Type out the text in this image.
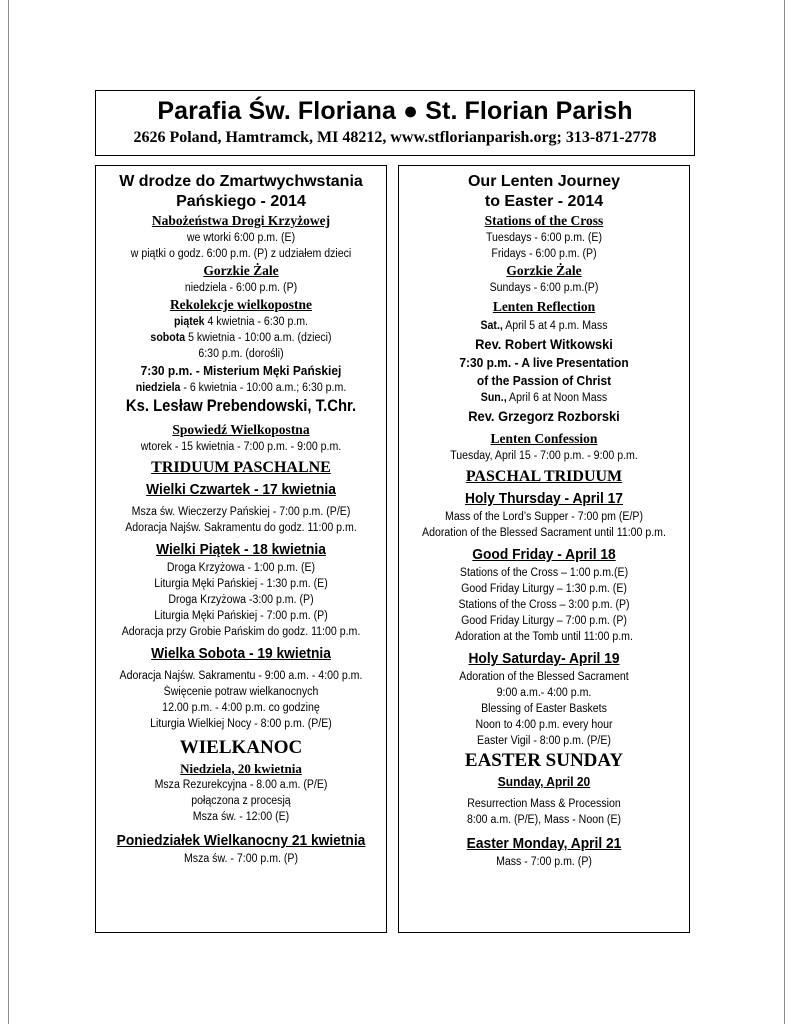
Parafia Św. Floriana ● St. Florian Parish
2626 Poland, Hamtramck, MI 48212, www.stflorianparish.org; 313-871-2778
W drodze do Zmartwychwstania
Pańskiego - 2014
Nabożeństwa Drogi Krzyżowej
we wtorki 6:00 p.m. (E)
w piątki o godz. 6:00 p.m. (P) z udziałem dzieci
Gorzkie Żale
niedziela - 6:00 p.m. (P)
Rekolekcje wielkopostne
piątek 4 kwietnia - 6:30 p.m.
sobota 5 kwietnia - 10:00 a.m. (dzieci)
6:30 p.m. (dorośli)
7:30 p.m. - Misterium Męki Pańskiej
niedziela - 6 kwietnia - 10:00 a.m.; 6:30 p.m.
Ks. Lesław Prebendowski, T.Chr.
Spowiedź Wielkopostna
wtorek - 15 kwietnia - 7:00 p.m. - 9:00 p.m.
TRIDUUM PASCHALNE
Wielki Czwartek - 17 kwietnia
Msza św. Wieczerzy Pańskiej - 7:00 p.m. (P/E)
Adoracja Najśw. Sakramentu do godz. 11:00 p.m.
Wielki Piątek - 18 kwietnia
Droga Krzyżowa - 1:00 p.m. (E)
Liturgia Męki Pańskiej - 1:30 p.m. (E)
Droga Krzyżowa -3:00 p.m. (P)
Liturgia Męki Pańskiej - 7:00 p.m. (P)
Adoracja przy Grobie Pańskim do godz. 11:00 p.m.
Wielka Sobota - 19 kwietnia
Adoracja Najśw. Sakramentu - 9:00 a.m. - 4:00 p.m.
Święcenie potraw wielkanocnych
12.00 p.m. - 4:00 p.m. co godzinę
Liturgia Wielkiej Nocy - 8:00 p.m. (P/E)
WIELKANOC
Niedziela, 20 kwietnia
Msza Rezurekcyjna - 8.00 a.m. (P/E)
połączona z procesją
Msza św. - 12:00 (E)
Poniedziałek Wielkanocny 21 kwietnia
Msza św. - 7:00 p.m. (P)
Our Lenten Journey
to Easter - 2014
Stations of the Cross
Tuesdays - 6:00 p.m. (E)
Fridays - 6:00 p.m. (P)
Gorzkie Żale
Sundays - 6:00 p.m.(P)
Lenten Reflection
Sat., April 5 at 4 p.m. Mass
Rev. Robert Witkowski
7:30 p.m. - A live Presentation
of the Passion of Christ
Sun., April 6 at Noon Mass
Rev. Grzegorz Rozborski
Lenten Confession
Tuesday, April 15 - 7:00 p.m. - 9:00 p.m.
PASCHAL TRIDUUM
Holy Thursday - April 17
Mass of the Lord’s Supper - 7:00 pm (E/P)
Adoration of the Blessed Sacrament until 11:00 p.m.
Good Friday - April 18
Stations of the Cross – 1:00 p.m.(E)
Good Friday Liturgy – 1:30 p.m. (E)
Stations of the Cross – 3:00 p.m. (P)
Good Friday Liturgy – 7:00 p.m. (P)
Adoration at the Tomb until 11:00 p.m.
Holy Saturday- April 19
Adoration of the Blessed Sacrament
9:00 a.m.- 4:00 p.m.
Blessing of Easter Baskets
Noon to 4:00 p.m. every hour
Easter Vigil - 8:00 p.m. (P/E)
EASTER SUNDAY
Sunday, April 20
Resurrection Mass & Procession
8:00 a.m. (P/E), Mass - Noon (E)
Easter Monday, April 21
Mass - 7:00 p.m. (P)
